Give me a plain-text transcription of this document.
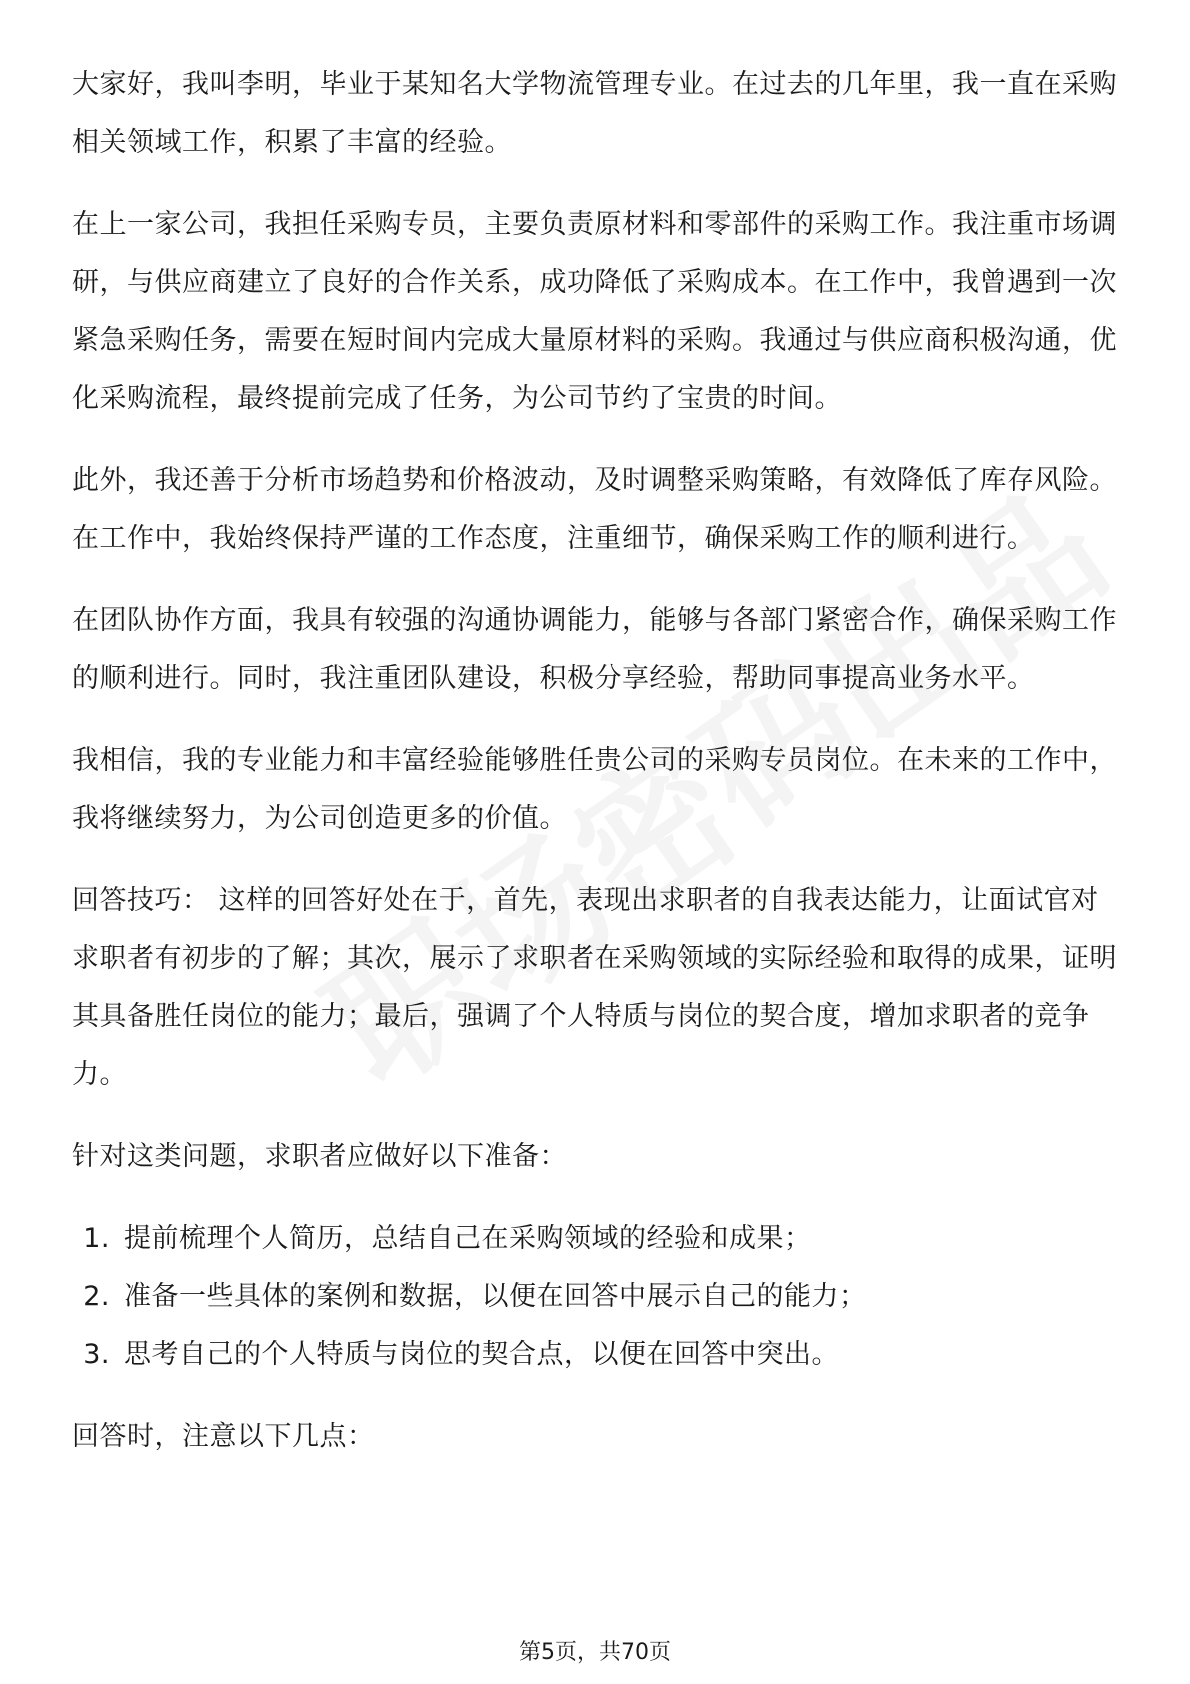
大家好，我叫李明，毕业于某知名大学物流管理专业。在过去的几年里，我一直在采购相关领域工作，积累了丰富的经验。

在上一家公司，我担任采购专员，主要负责原材料和零部件的采购工作。我注重市场调研，与供应商建立了良好的合作关系，成功降低了采购成本。在工作中，我曾遇到一次紧急采购任务，需要在短时间内完成大量原材料的采购。我通过与供应商积极沟通，优化采购流程，最终提前完成了任务，为公司节约了宝贵的时间。

此外，我还善于分析市场趋势和价格波动，及时调整采购策略，有效降低了库存风险。在工作中，我始终保持严谨的工作态度，注重细节，确保采购工作的顺利进行。

在团队协作方面，我具有较强的沟通协调能力，能够与各部门紧密合作，确保采购工作的顺利进行。同时，我注重团队建设，积极分享经验，帮助同事提高业务水平。

我相信，我的专业能力和丰富经验能够胜任贵公司的采购专员岗位。在未来的工作中，我将继续努力，为公司创造更多的价值。

回答技巧： 这样的回答好处在于，首先，表现出求职者的自我表达能力，让面试官对求职者有初步的了解；其次，展示了求职者在采购领域的实际经验和取得的成果，证明其具备胜任岗位的能力；最后，强调了个人特质与岗位的契合度，增加求职者的竞争力。

针对这类问题，求职者应做好以下准备：

1. 提前梳理个人简历，总结自己在采购领域的经验和成果；
2. 准备一些具体的案例和数据，以便在回答中展示自己的能力；
3. 思考自己的个人特质与岗位的契合点，以便在回答中突出。

回答时，注意以下几点：

第5页，共70页
